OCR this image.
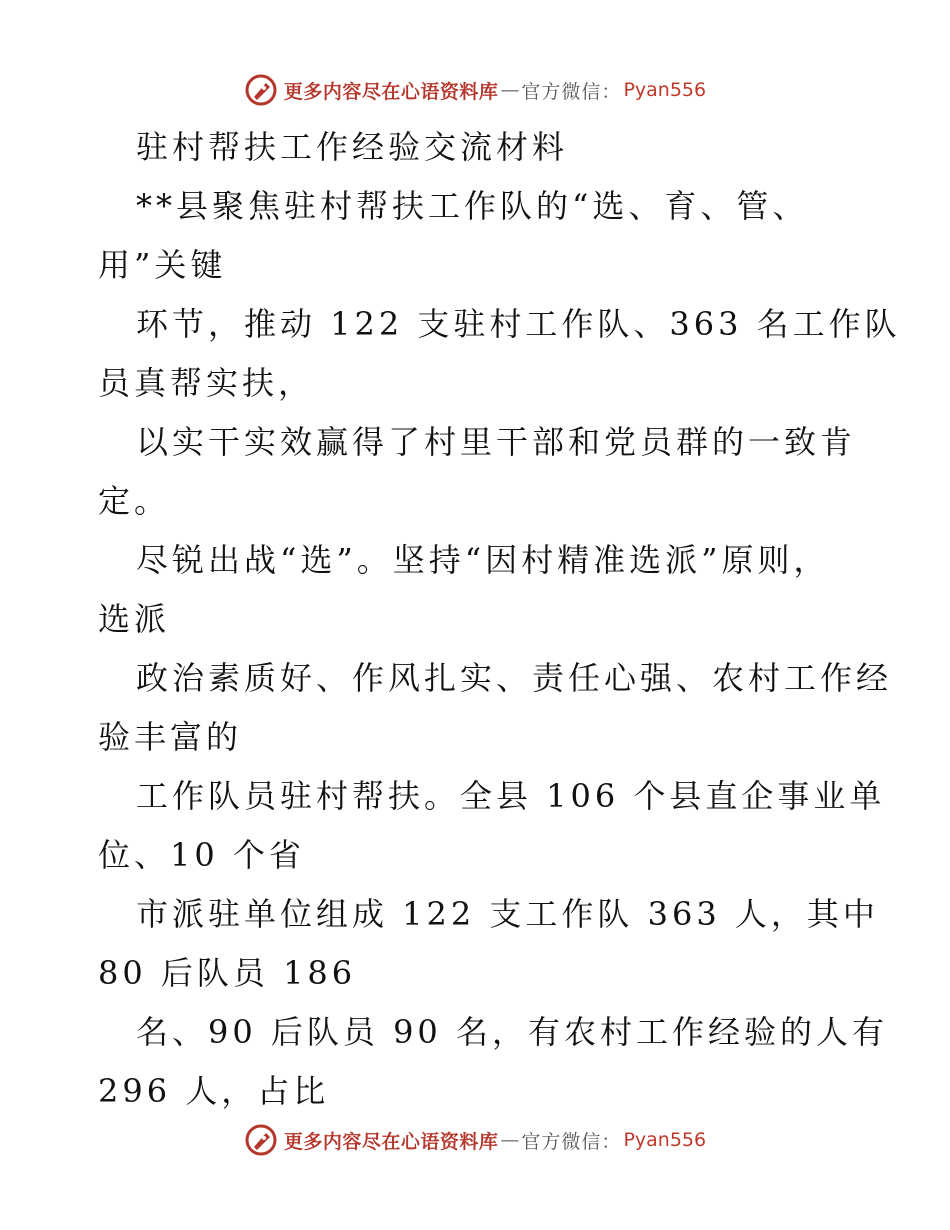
更多内容尽在心语资料库 — 官方微信： Pyan556
驻村帮扶工作经验交流材料
**县聚焦驻村帮扶工作队的“选、育、管、
用”关键
环节，推动 122 支驻村工作队、363 名工作队
员真帮实扶，
以实干实效赢得了村里干部和党员群的一致肯
定。
尽锐出战“选”。坚持“因村精准选派”原则，
选派
政治素质好、作风扎实、责任心强、农村工作经
验丰富的
工作队员驻村帮扶。全县 106 个县直企事业单
位、10 个省
市派驻单位组成 122 支工作队 363 人，其中
80 后队员 186
名、90 后队员 90 名，有农村工作经验的人有
296 人，占比
更多内容尽在心语资料库 — 官方微信： Pyan556
